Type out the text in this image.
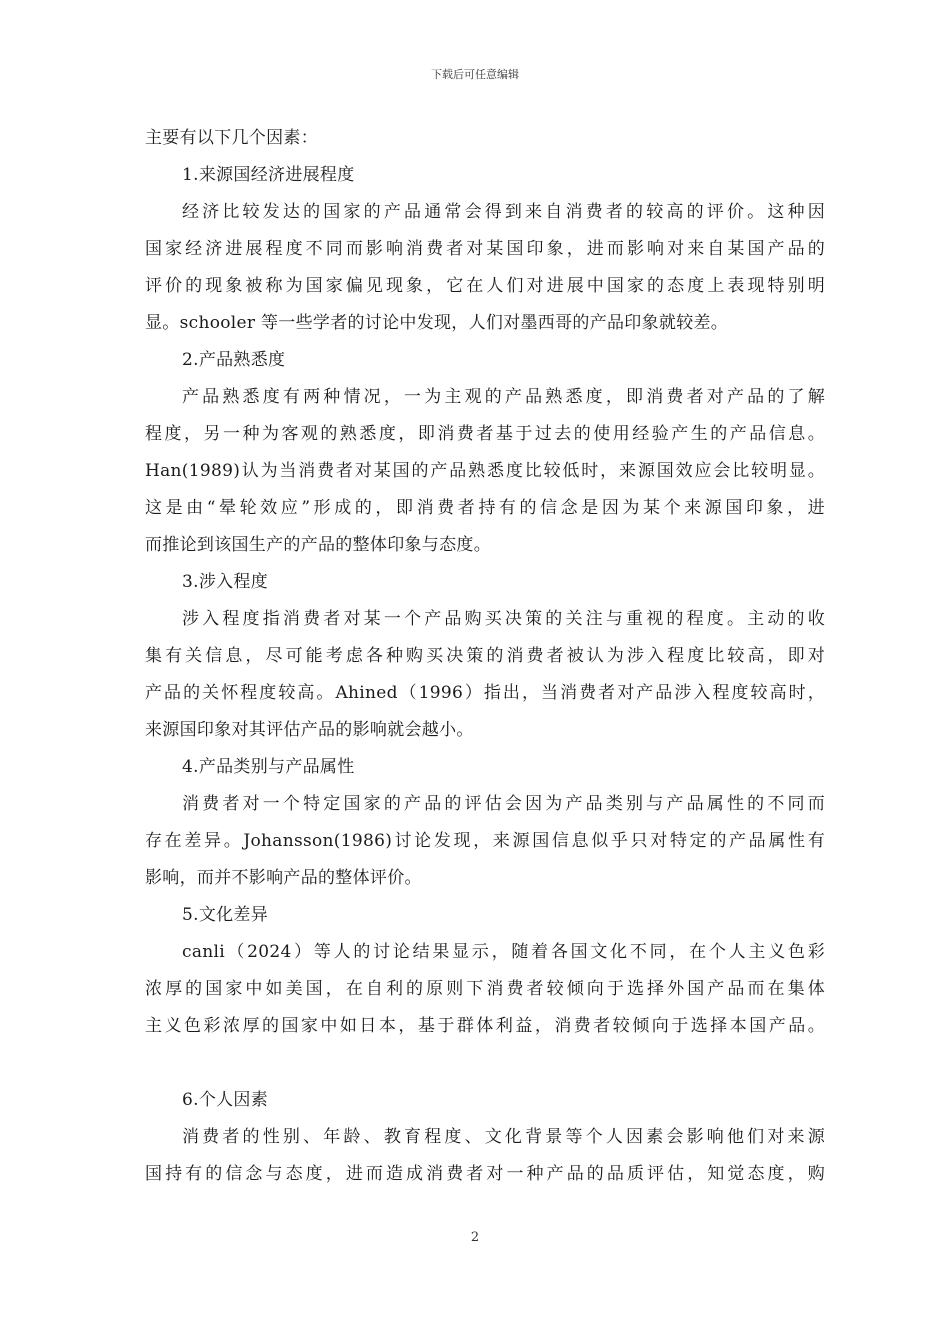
下载后可任意编辑
主要有以下几个因素：
1.来源国经济进展程度
经济比较发达的国家的产品通常会得到来自消费者的较高的评价。这种因
国家经济进展程度不同而影响消费者对某国印象，进而影响对来自某国产品的
评价的现象被称为国家偏见现象，它在人们对进展中国家的态度上表现特别明
显。schooler 等一些学者的讨论中发现，人们对墨西哥的产品印象就较差。
2.产品熟悉度
产品熟悉度有两种情况，一为主观的产品熟悉度，即消费者对产品的了解
程度，另一种为客观的熟悉度，即消费者基于过去的使用经验产生的产品信息。
Han(1989)认为当消费者对某国的产品熟悉度比较低时，来源国效应会比较明显。
这是由“晕轮效应”形成的，即消费者持有的信念是因为某个来源国印象，进
而推论到该国生产的产品的整体印象与态度。
3.涉入程度
涉入程度指消费者对某一个产品购买决策的关注与重视的程度。主动的收
集有关信息，尽可能考虑各种购买决策的消费者被认为涉入程度比较高，即对
产品的关怀程度较高。Ahined（1996）指出，当消费者对产品涉入程度较高时，
来源国印象对其评估产品的影响就会越小。
4.产品类别与产品属性
消费者对一个特定国家的产品的评估会因为产品类别与产品属性的不同而
存在差异。Johansson(1986)讨论发现，来源国信息似乎只对特定的产品属性有
影响，而并不影响产品的整体评价。
5.文化差异
canli（2024）等人的讨论结果显示，随着各国文化不同，在个人主义色彩
浓厚的国家中如美国，在自利的原则下消费者较倾向于选择外国产品而在集体
主义色彩浓厚的国家中如日本，基于群体利益，消费者较倾向于选择本国产品。
6.个人因素
消费者的性别、年龄、教育程度、文化背景等个人因素会影响他们对来源
国持有的信念与态度，进而造成消费者对一种产品的品质评估，知觉态度，购
2
